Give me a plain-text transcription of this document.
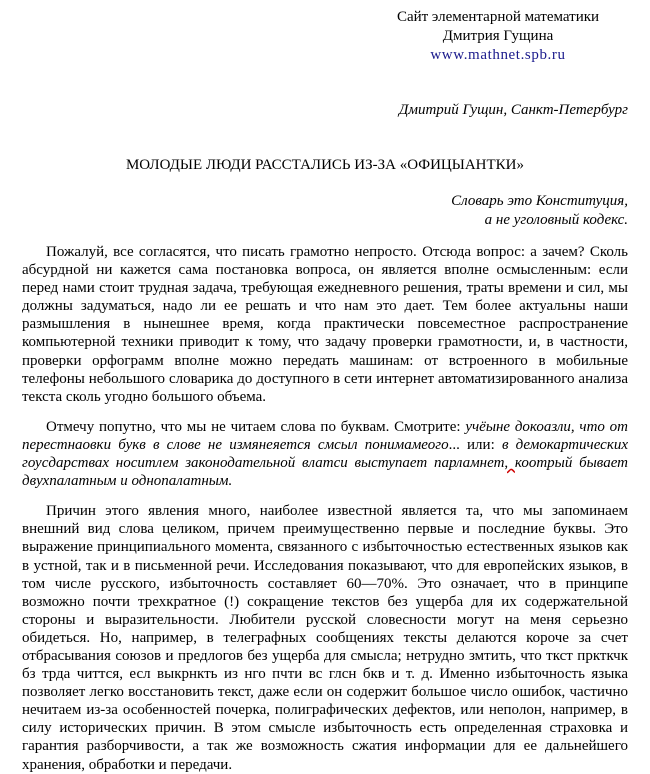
Сайт элементарной математики
Дмитрия Гущина
www.mathnet.spb.ru
Дмитрий Гущин, Санкт-Петербург
МОЛОДЫЕ ЛЮДИ РАССТАЛИСЬ ИЗ-ЗА «ОФИЦЫАНТКИ»
Словарь это Конституция,
а не уголовный кодекс.

Пожалуй, все согласятся, что писать грамотно непросто. Отсюда вопрос: а зачем? Сколь абсурдной ни кажется сама постановка вопроса, он является вполне осмысленным: если перед нами стоит трудная задача, требующая ежедневного решения, траты времени и сил, мы должны задуматься, надо ли ее решать и что нам это дает. Тем более актуальны наши размышления в нынешнее время, когда практически повсеместное распространение компьютерной техники приводит к тому, что задачу проверки грамотности, и, в частности, проверки орфограмм вполне можно передать машинам: от встроенного в мобильные телефоны небольшого словарика до доступного в сети интернет автоматизированного анализа текста сколь угодно большого объема.

Отмечу попутно, что мы не читаем слова по буквам. Смотрите: учёыне докоазли, что от перестнаовки букв в слове не измянеяется смсыл понимамеого... или: в демокартических гоусдарствах носитлем законодательной влатси выступает парламнет, коотрый бывает двухпалатным и однопалатным.

Причин этого явления много, наиболее известной является та, что мы запоминаем внешний вид слова целиком, причем преимущественно первые и последние буквы. Это выражение принципиального момента, связанного с избыточностью естественных языков как в устной, так и в письменной речи. Исследования показывают, что для европейских языков, в том числе русского, избыточность составляет 60—70%. Это означает, что в принципе возможно почти трехкратное (!) сокращение текстов без ущерба для их содержательной стороны и выразительности. Любители русской словесности могут на меня серьезно обидеться. Но, например, в телеграфных сообщениях тексты делаются короче за счет отбрасывания союзов и предлогов без ущерба для смысла; нетрудно змтить, что ткст пркткчк бз трда читтся, есл выкрнкть из нго пчти вс глсн бкв и т. д. Именно избыточность языка позволяет легко восстановить текст, даже если он содержит большое число ошибок, частично нечитаем из-за особенностей почерка, полиграфических дефектов, или неполон, например, в силу исторических причин. В этом смысле избыточность есть определенная страховка и гарантия разборчивости, а так же возможность сжатия информации для ее дальнейшего хранения, обработки и передачи.
